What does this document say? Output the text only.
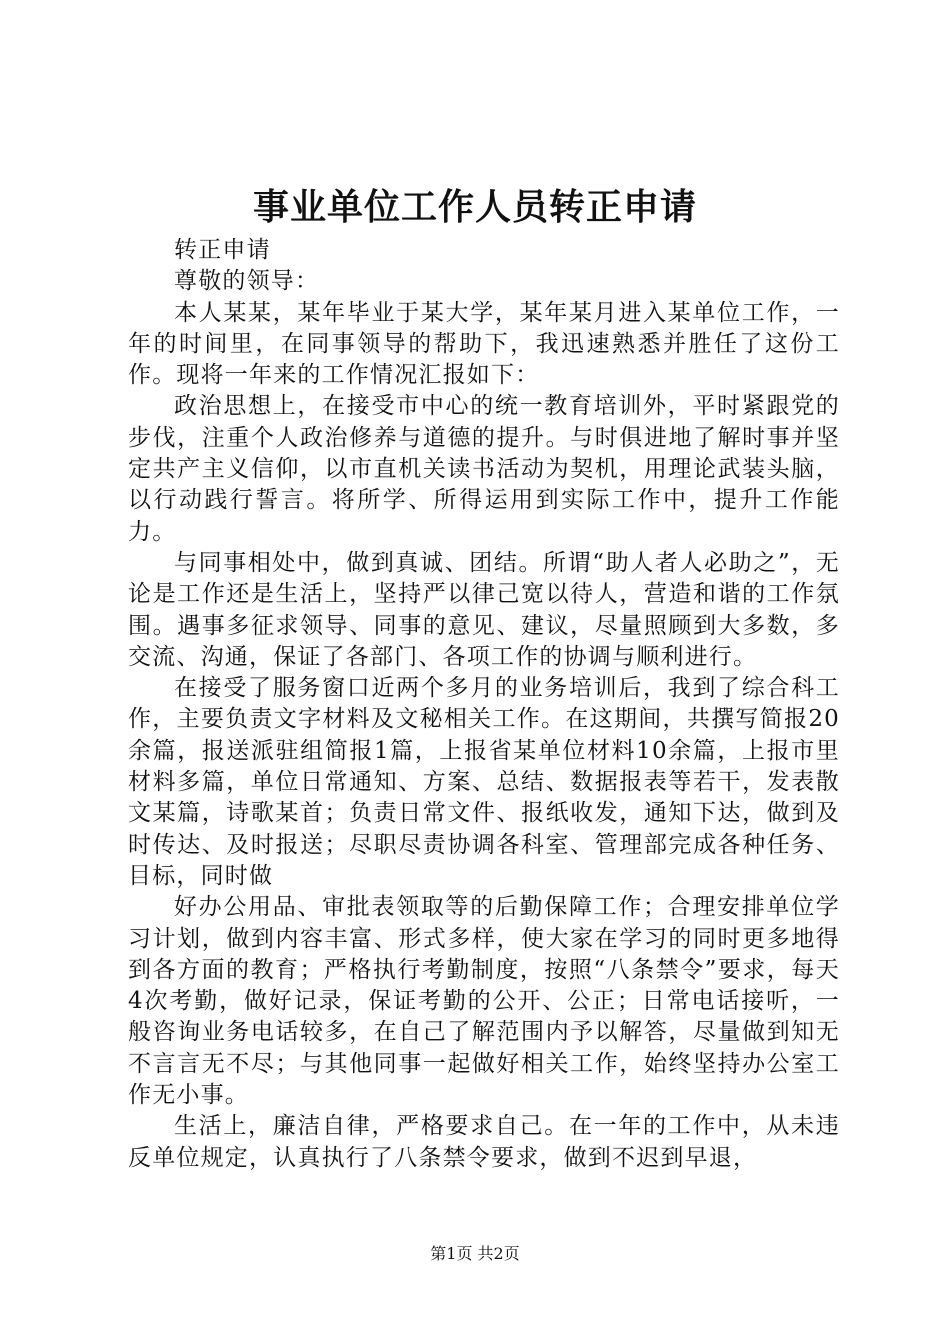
事业单位工作人员转正申请

转正申请

尊敬的领导：

本人某某，某年毕业于某大学，某年某月进入某单位工作，一年的时间里，在同事领导的帮助下，我迅速熟悉并胜任了这份工作。现将一年来的工作情况汇报如下：

政治思想上，在接受市中心的统一教育培训外，平时紧跟党的步伐，注重个人政治修养与道德的提升。与时俱进地了解时事并坚定共产主义信仰，以市直机关读书活动为契机，用理论武装头脑，以行动践行誓言。将所学、所得运用到实际工作中，提升工作能力。

与同事相处中，做到真诚、团结。所谓“助人者人必助之”，无论是工作还是生活上，坚持严以律己宽以待人，营造和谐的工作氛围。遇事多征求领导、同事的意见、建议，尽量照顾到大多数，多交流、沟通，保证了各部门、各项工作的协调与顺利进行。

在接受了服务窗口近两个多月的业务培训后，我到了综合科工作，主要负责文字材料及文秘相关工作。在这期间，共撰写简报20余篇，报送派驻组简报1篇，上报省某单位材料10余篇，上报市里材料多篇，单位日常通知、方案、总结、数据报表等若干，发表散文某篇，诗歌某首；负责日常文件、报纸收发，通知下达，做到及时传达、及时报送；尽职尽责协调各科室、管理部完成各种任务、目标，同时做

好办公用品、审批表领取等的后勤保障工作；合理安排单位学习计划，做到内容丰富、形式多样，使大家在学习的同时更多地得到各方面的教育；严格执行考勤制度，按照“八条禁令”要求，每天4次考勤，做好记录，保证考勤的公开、公正；日常电话接听，一般咨询业务电话较多，在自己了解范围内予以解答，尽量做到知无不言言无不尽；与其他同事一起做好相关工作，始终坚持办公室工作无小事。

生活上，廉洁自律，严格要求自己。在一年的工作中，从未违反单位规定，认真执行了八条禁令要求，做到不迟到早退，

第1页 共2页
